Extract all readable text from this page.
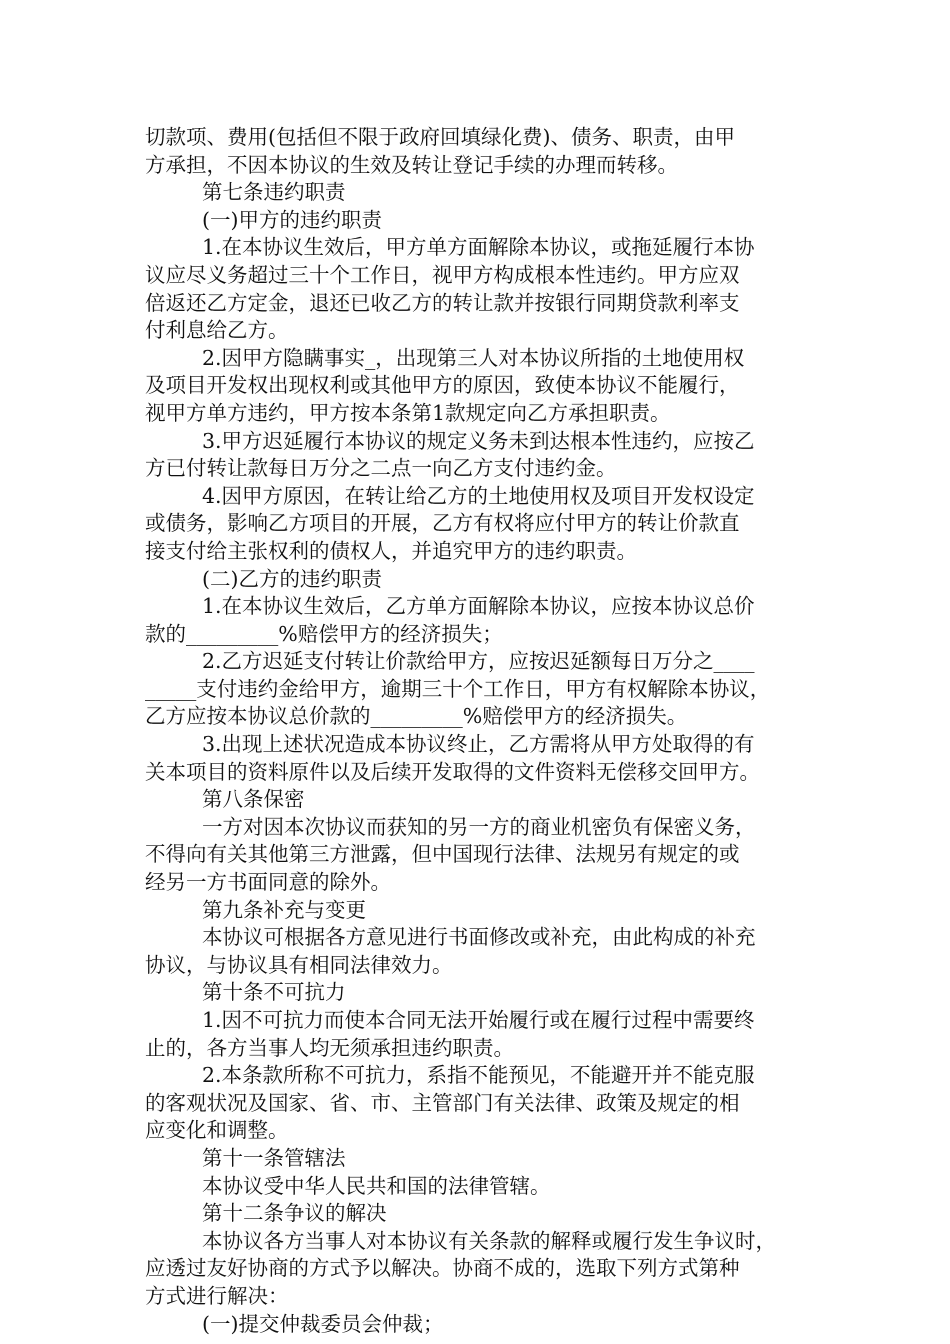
切款项、费用(包括但不限于政府回填绿化费)、债务、职责，由甲
方承担，不因本协议的生效及转让登记手续的办理而转移。
第七条违约职责
(一)甲方的违约职责
1.在本协议生效后，甲方单方面解除本协议，或拖延履行本协
议应尽义务超过三十个工作日，视甲方构成根本性违约。甲方应双
倍返还乙方定金，退还已收乙方的转让款并按银行同期贷款利率支
付利息给乙方。
2.因甲方隐瞒事实_，出现第三人对本协议所指的土地使用权
及项目开发权出现权利或其他甲方的原因，致使本协议不能履行，
视甲方单方违约，甲方按本条第1款规定向乙方承担职责。
3.甲方迟延履行本协议的规定义务未到达根本性违约，应按乙
方已付转让款每日万分之二点一向乙方支付违约金。
4.因甲方原因，在转让给乙方的土地使用权及项目开发权设定
或债务，影响乙方项目的开展，乙方有权将应付甲方的转让价款直
接支付给主张权利的债权人，并追究甲方的违约职责。
(二)乙方的违约职责
1.在本协议生效后，乙方单方面解除本协议，应按本协议总价
款的_________%赔偿甲方的经济损失；
2.乙方迟延支付转让价款给甲方，应按迟延额每日万分之____
_____支付违约金给甲方，逾期三十个工作日，甲方有权解除本协议，
乙方应按本协议总价款的_________%赔偿甲方的经济损失。
3.出现上述状况造成本协议终止，乙方需将从甲方处取得的有
关本项目的资料原件以及后续开发取得的文件资料无偿移交回甲方。
第八条保密
一方对因本次协议而获知的另一方的商业机密负有保密义务，
不得向有关其他第三方泄露，但中国现行法律、法规另有规定的或
经另一方书面同意的除外。
第九条补充与变更
本协议可根据各方意见进行书面修改或补充，由此构成的补充
协议，与协议具有相同法律效力。
第十条不可抗力
1.因不可抗力而使本合同无法开始履行或在履行过程中需要终
止的，各方当事人均无须承担违约职责。
2.本条款所称不可抗力，系指不能预见，不能避开并不能克服
的客观状况及国家、省、市、主管部门有关法律、政策及规定的相
应变化和调整。
第十一条管辖法
本协议受中华人民共和国的法律管辖。
第十二条争议的解决
本协议各方当事人对本协议有关条款的解释或履行发生争议时，
应透过友好协商的方式予以解决。协商不成的，选取下列方式第种
方式进行解决：
(一)提交仲裁委员会仲裁；
